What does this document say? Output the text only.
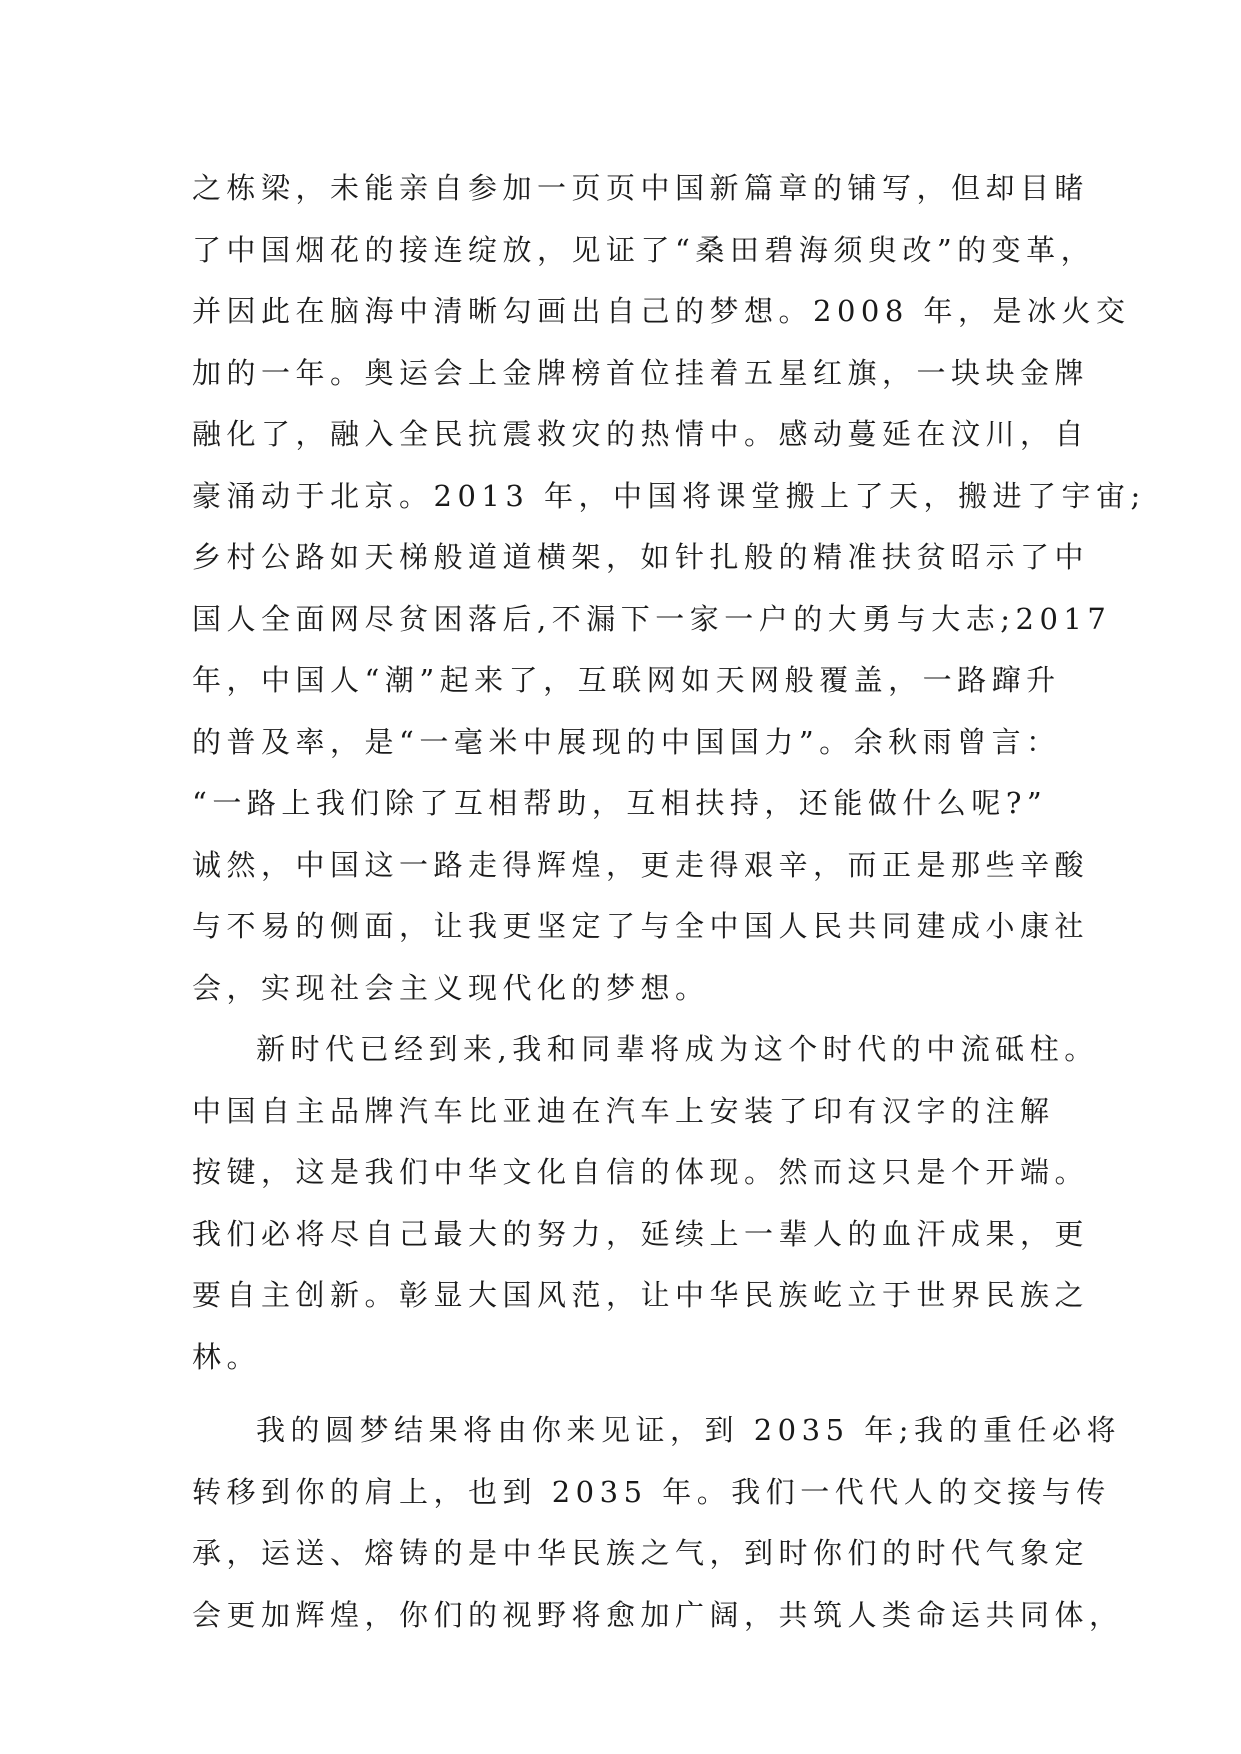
之栋梁，未能亲自参加一页页中国新篇章的铺写，但却目睹
了中国烟花的接连绽放，见证了“桑田碧海须臾改”的变革，
并因此在脑海中清晰勾画出自己的梦想。2008 年，是冰火交
加的一年。奥运会上金牌榜首位挂着五星红旗，一块块金牌
融化了，融入全民抗震救灾的热情中。感动蔓延在汶川，自
豪涌动于北京。2013 年，中国将课堂搬上了天，搬进了宇宙;
乡村公路如天梯般道道横架，如针扎般的精准扶贫昭示了中
国人全面网尽贫困落后,不漏下一家一户的大勇与大志;2017
年，中国人“潮”起来了，互联网如天网般覆盖，一路蹿升
的普及率，是“一毫米中展现的中国国力”。余秋雨曾言：
“一路上我们除了互相帮助，互相扶持，还能做什么呢?”
诚然，中国这一路走得辉煌，更走得艰辛，而正是那些辛酸
与不易的侧面，让我更坚定了与全中国人民共同建成小康社
会，实现社会主义现代化的梦想。
新时代已经到来,我和同辈将成为这个时代的中流砥柱。
中国自主品牌汽车比亚迪在汽车上安装了印有汉字的注解
按键，这是我们中华文化自信的体现。然而这只是个开端。
我们必将尽自己最大的努力，延续上一辈人的血汗成果，更
要自主创新。彰显大国风范，让中华民族屹立于世界民族之
林。
我的圆梦结果将由你来见证，到 2035 年;我的重任必将
转移到你的肩上，也到 2035 年。我们一代代人的交接与传
承，运送、熔铸的是中华民族之气，到时你们的时代气象定
会更加辉煌，你们的视野将愈加广阔，共筑人类命运共同体，
